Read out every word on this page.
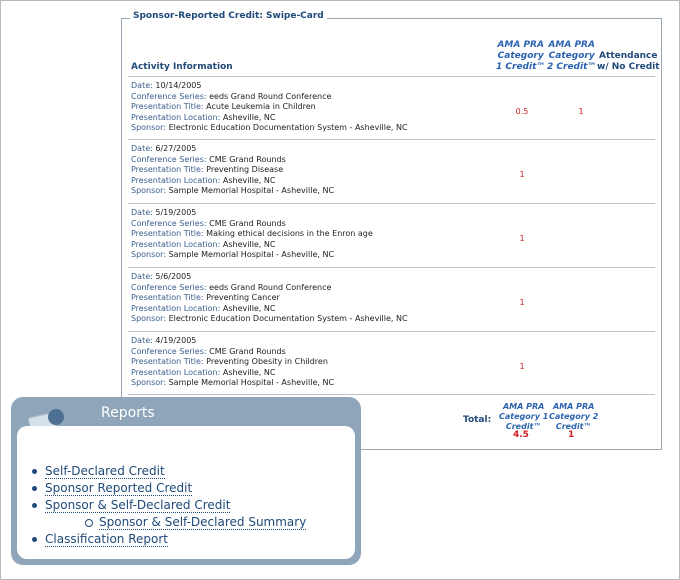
Sponsor-Reported Credit: Swipe-Card
AMA PRA
Category
1 Credit™
AMA PRA
Category
2 Credit™
Attendance
w/ No Credit
Activity Information
Date: 10/14/2005
Conference Series: eeds Grand Round Conference
Presentation Title: Acute Leukemia in Children
Presentation Location: Asheville, NC
Sponsor: Electronic Education Documentation System - Asheville, NC
0.5	1
Date: 6/27/2005
Conference Series: CME Grand Rounds
Presentation Title: Preventing Disease
Presentation Location: Asheville, NC
Sponsor: Sample Memorial Hospital - Asheville, NC
1
Date: 5/19/2005
Conference Series: CME Grand Rounds
Presentation Title: Making ethical decisions in the Enron age
Presentation Location: Asheville, NC
Sponsor: Sample Memorial Hospital - Asheville, NC
1
Date: 5/6/2005
Conference Series: eeds Grand Round Conference
Presentation Title: Preventing Cancer
Presentation Location: Asheville, NC
Sponsor: Electronic Education Documentation System - Asheville, NC
1
Date: 4/19/2005
Conference Series: CME Grand Rounds
Presentation Title: Preventing Obesity in Children
Presentation Location: Asheville, NC
Sponsor: Sample Memorial Hospital - Asheville, NC
1
AMA PRA
Category 1
Credit™
AMA PRA
Category 2
Credit™
Total:
4.5	1
Reports
Self-Declared Credit
Sponsor Reported Credit
Sponsor & Self-Declared Credit
Sponsor & Self-Declared Summary
Classification Report
